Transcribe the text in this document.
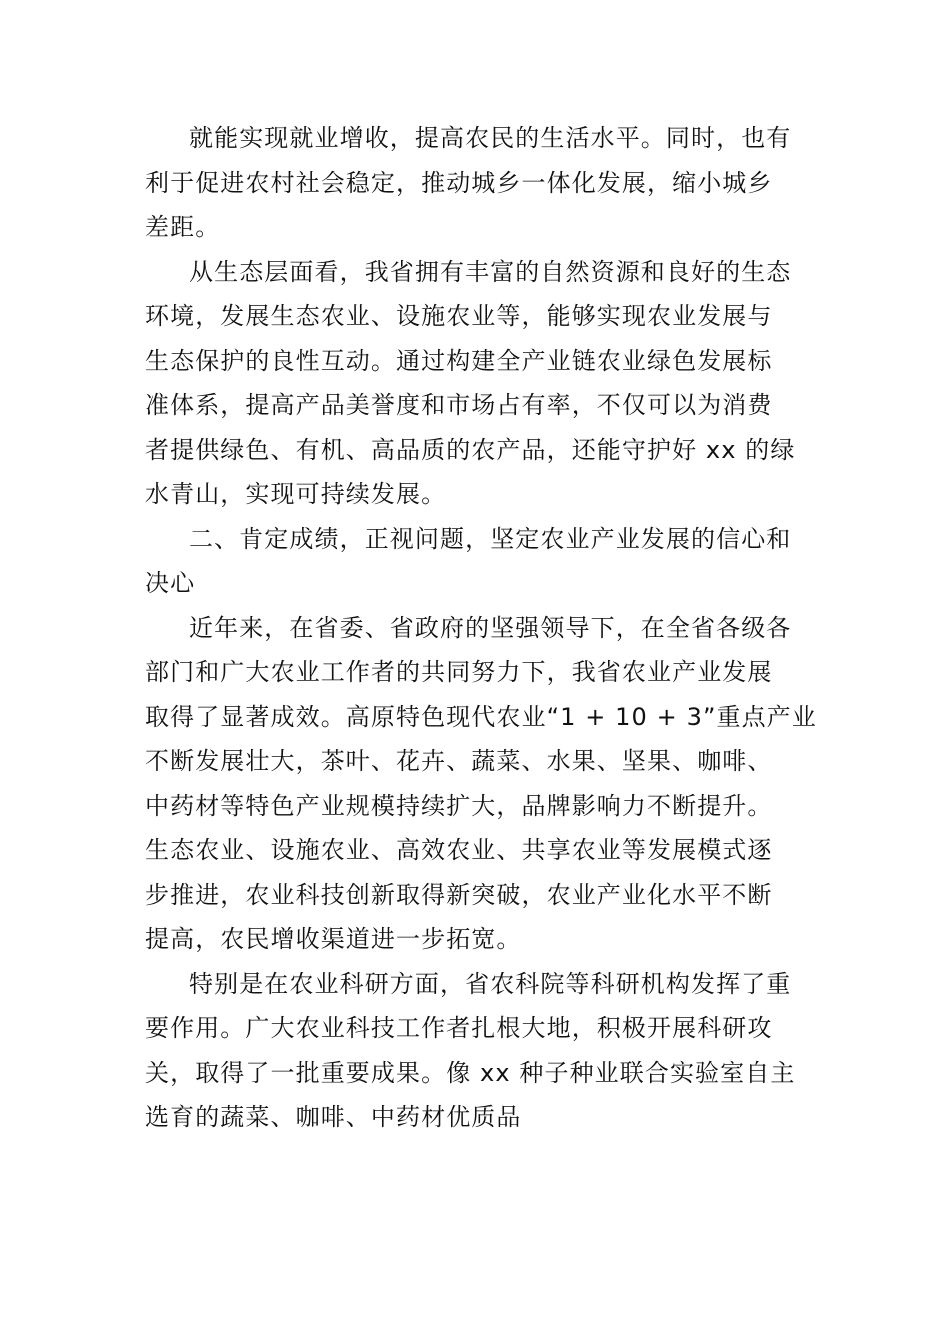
就能实现就业增收，提高农民的生活水平。同时，也有
利于促进农村社会稳定，推动城乡一体化发展，缩小城乡
差距。

从生态层面看，我省拥有丰富的自然资源和良好的生态
环境，发展生态农业、设施农业等，能够实现农业发展与
生态保护的良性互动。通过构建全产业链农业绿色发展标
准体系，提高产品美誉度和市场占有率，不仅可以为消费
者提供绿色、有机、高品质的农产品，还能守护好 xx 的绿
水青山，实现可持续发展。

二、肯定成绩，正视问题，坚定农业产业发展的信心和
决心

近年来，在省委、省政府的坚强领导下，在全省各级各
部门和广大农业工作者的共同努力下，我省农业产业发展
取得了显著成效。高原特色现代农业“1 + 10 + 3”重点产业
不断发展壮大，茶叶、花卉、蔬菜、水果、坚果、咖啡、
中药材等特色产业规模持续扩大，品牌影响力不断提升。
生态农业、设施农业、高效农业、共享农业等发展模式逐
步推进，农业科技创新取得新突破，农业产业化水平不断
提高，农民增收渠道进一步拓宽。

特别是在农业科研方面，省农科院等科研机构发挥了重
要作用。广大农业科技工作者扎根大地，积极开展科研攻
关，取得了一批重要成果。像 xx 种子种业联合实验室自主
选育的蔬菜、咖啡、中药材优质品
